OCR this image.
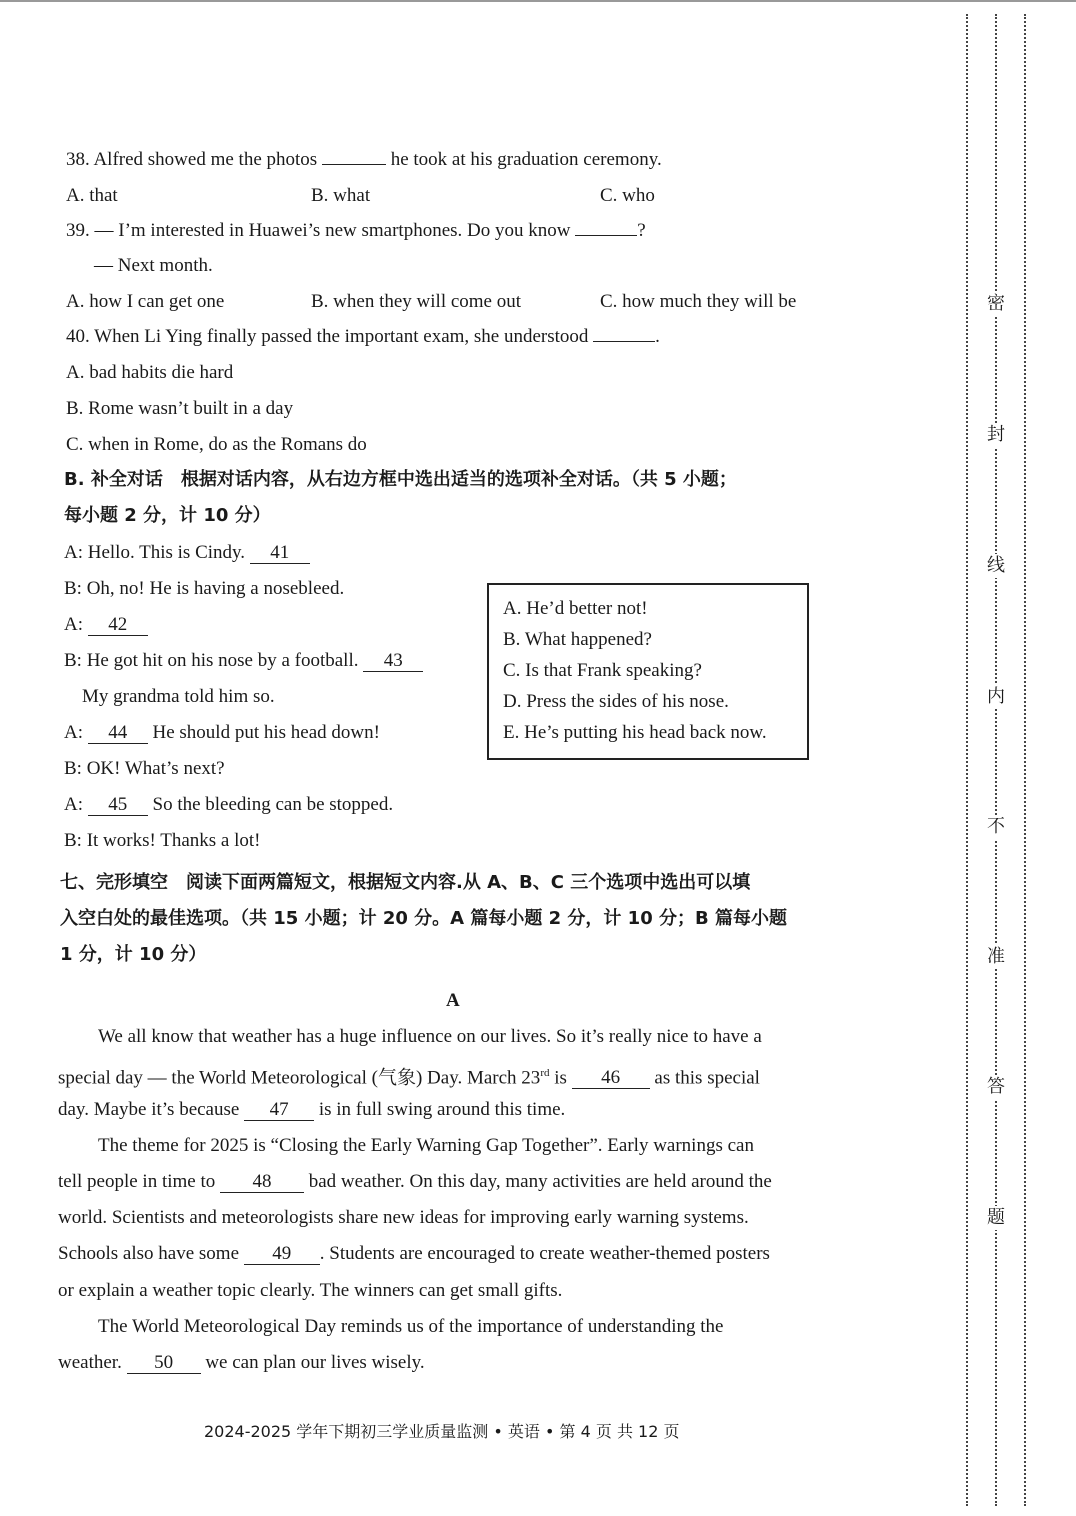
38. Alfred showed me the photos	he took at his graduation ceremony.
A. that	B. what	C. who
39. — I’m interested in Huawei’s new smartphones. Do you know	?
— Next month.
A. how I can get one	B. when they will come out	C. how much they will be
40. When Li Ying finally passed the important exam, she understood	.
A. bad habits die hard
B. Rome wasn’t built in a day
C. when in Rome, do as the Romans do
B. 补全对话　根据对话内容，从右边方框中选出适当的选项补全对话。（共 5 小题；
每小题 2 分，计 10 分）
A: Hello. This is Cindy. 41
B: Oh, no! He is having a nosebleed.
A: 42
B: He got hit on his nose by a football. 43
My grandma told him so.
A: 44 He should put his head down!
B: OK! What’s next?
A: 45 So the bleeding can be stopped.
B: It works! Thanks a lot!
A. He’d better not!
B. What happened?
C. Is that Frank speaking?
D. Press the sides of his nose.
E. He’s putting his head back now.
七、完形填空　阅读下面两篇短文，根据短文内容.从 A、B、C 三个选项中选出可以填
入空白处的最佳选项。（共 15 小题；计 20 分。A 篇每小题 2 分，计 10 分；B 篇每小题
1 分，计 10 分）
A
We all know that weather has a huge influence on our lives. So it’s really nice to have a
special day — the World Meteorological (气象) Day. March 23rd is 46 as this special
day. Maybe it’s because 47 is in full swing around this time.
The theme for 2025 is “Closing the Early Warning Gap Together”. Early warnings can
tell people in time to 48 bad weather. On this day, many activities are held around the
world. Scientists and meteorologists share new ideas for improving early warning systems.
Schools also have some 49 . Students are encouraged to create weather-themed posters
or explain a weather topic clearly. The winners can get small gifts.
The World Meteorological Day reminds us of the importance of understanding the
weather. 50 we can plan our lives wisely.
2024-2025 学年下期初三学业质量监测 • 英语 • 第 4 页 共 12 页
密
封
线
内
不
准
答
题
